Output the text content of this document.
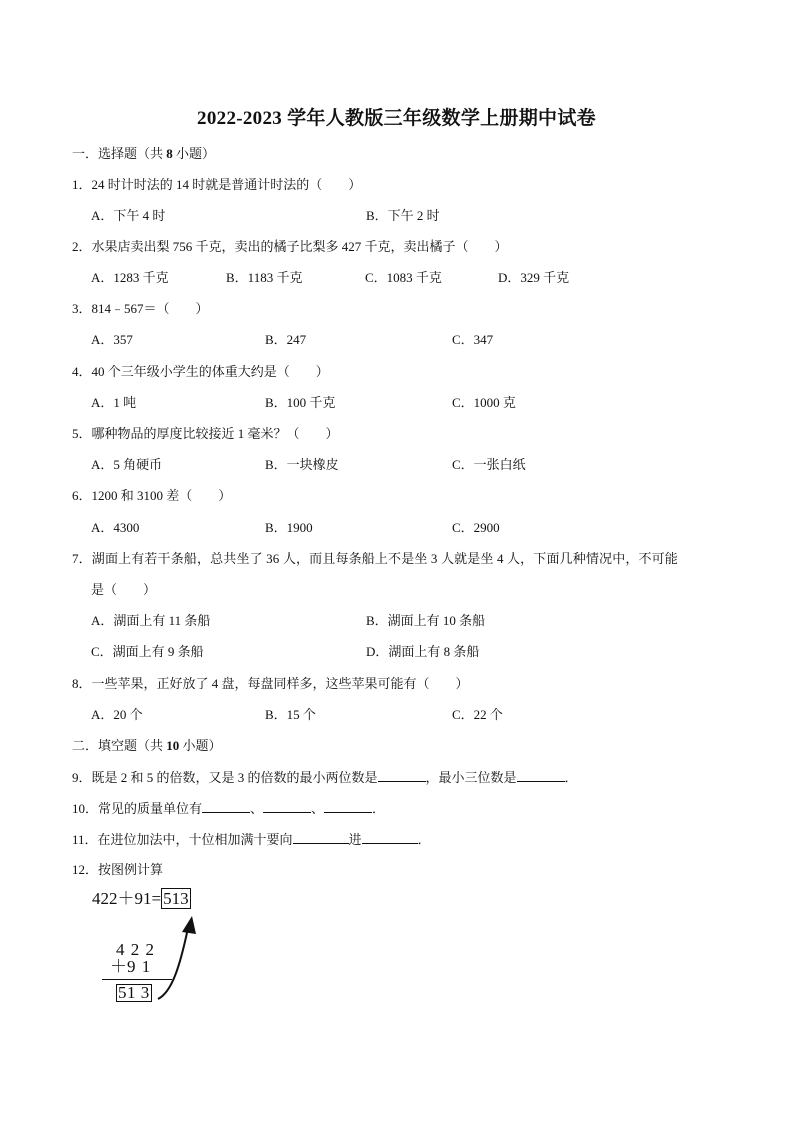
2022-2023 学年人教版三年级数学上册期中试卷
一．选择题（共 8 小题）
1．24 时计时法的 14 时就是普通计时法的（　　）
A．下午 4 时	B．下午 2 时
2．水果店卖出梨 756 千克，卖出的橘子比梨多 427 千克，卖出橘子（　　）
A．1283 千克	B．1183 千克	C．1083 千克	D．329 千克
3．814﹣567＝（　　）
A．357	B．247	C．347
4．40 个三年级小学生的体重大约是（　　）
A．1 吨	B．100 千克	C．1000 克
5．哪种物品的厚度比较接近 1 毫米？（　　）
A．5 角硬币	B．一块橡皮	C．一张白纸
6．1200 和 3100 差（　　）
A．4300	B．1900	C．2900
7．湖面上有若干条船，总共坐了 36 人，而且每条船上不是坐 3 人就是坐 4 人，下面几种情况中，不可能
是（　　）
A．湖面上有 11 条船	B．湖面上有 10 条船
C．湖面上有 9 条船	D．湖面上有 8 条船
8．一些苹果，正好放了 4 盘，每盘同样多，这些苹果可能有（　　）
A．20 个	B．15 个	C．22 个
二．填空题（共 10 小题）
9．既是 2 和 5 的倍数，又是 3 的倍数的最小两位数是	，最小三位数是	．
10．常见的质量单位有	、	、	．
11．在进位加法中，十位相加满十要向	进	．
12．按图例计算
422＋91= 513
4 2 2
＋9 1
51 3
